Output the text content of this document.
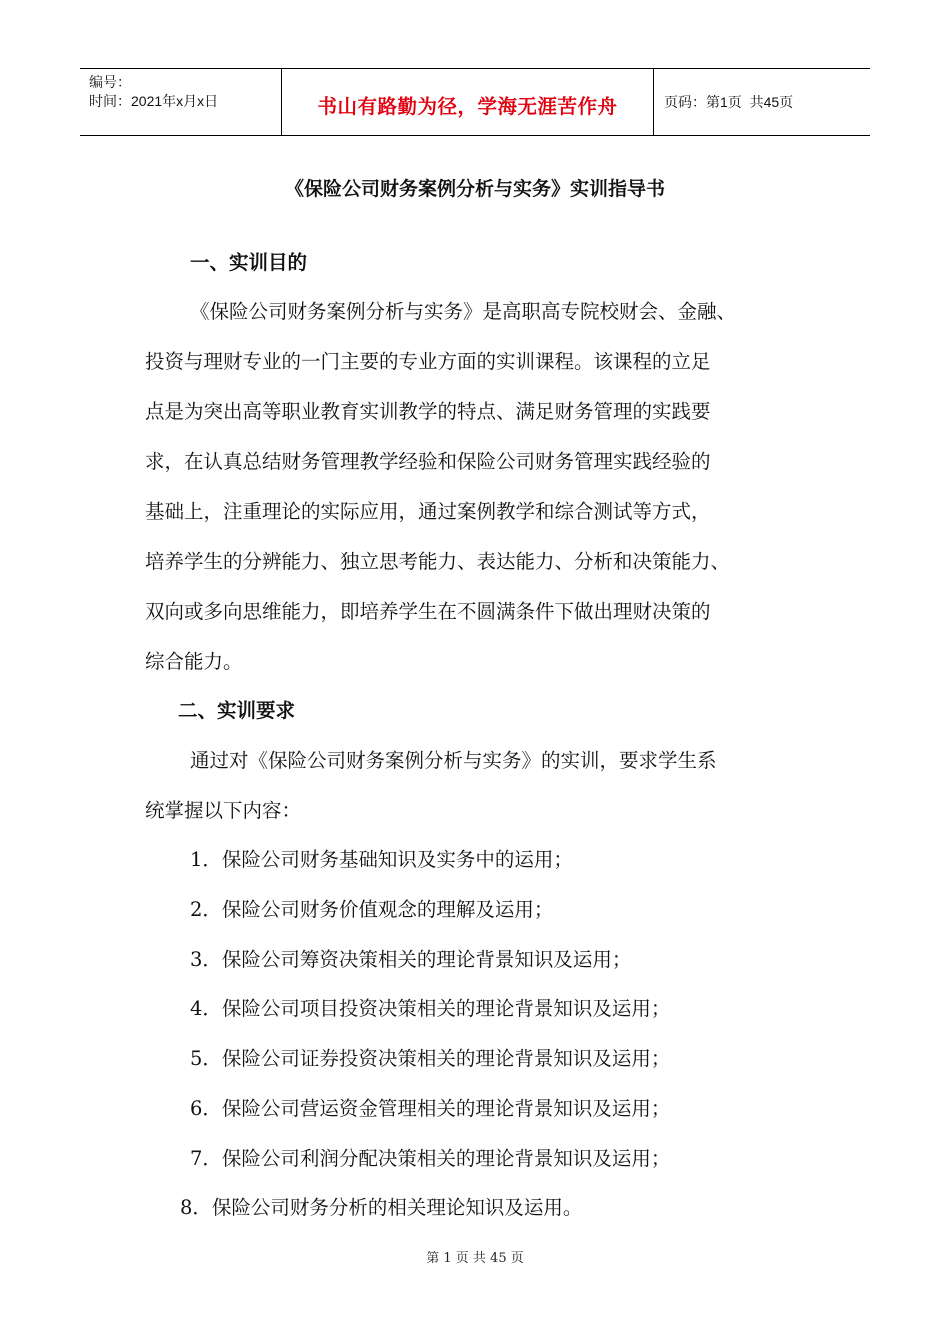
编号：
时间：2021年x月x日	书山有路勤为径，学海无涯苦作舟	页码：第1页  共45页
《保险公司财务案例分析与实务》实训指导书
一、实训目的

《保险公司财务案例分析与实务》是高职高专院校财会、金融、

投资与理财专业的一门主要的专业方面的实训课程。该课程的立足

点是为突出高等职业教育实训教学的特点、满足财务管理的实践要

求，在认真总结财务管理教学经验和保险公司财务管理实践经验的

基础上，注重理论的实际应用，通过案例教学和综合测试等方式，

培养学生的分辨能力、独立思考能力、表达能力、分析和决策能力、

双向或多向思维能力，即培养学生在不圆满条件下做出理财决策的

综合能力。

二、实训要求

通过对《保险公司财务案例分析与实务》的实训，要求学生系

统掌握以下内容：

1．保险公司财务基础知识及实务中的运用；

2．保险公司财务价值观念的理解及运用；

3．保险公司筹资决策相关的理论背景知识及运用；

4．保险公司项目投资决策相关的理论背景知识及运用；

5．保险公司证券投资决策相关的理论背景知识及运用；

6．保险公司营运资金管理相关的理论背景知识及运用；

7．保险公司利润分配决策相关的理论背景知识及运用；

8．保险公司财务分析的相关理论知识及运用。

第 1 页 共 45 页
